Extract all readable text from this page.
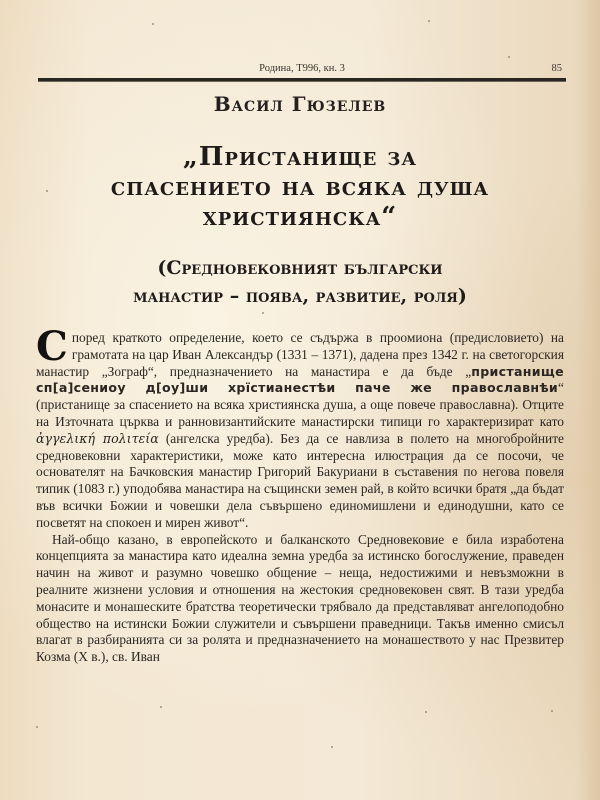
Родина, Т996, кн. 3	85
Васил Гюзелев
„Пристанище за
спасението на всяка душа
християнска“
(Средновековният български
манастир – поява, развитие, роля)

Според краткото определение, което се съдържа в проомиона (предисловието) на грамотата на цар Иван Александър (1331 – 1371), дадена през 1342 г. на светогорския манастир „Зограф“, предназначението на манастира е да бъде „пристанище сп[а]сениоу д[оу]ши хрїстианестѣи паче же православнѣи“ (пристанище за спасението на всяка християнска душа, а още повече православна). Отците на Източната църква и ранновизантийските манастирски типици го характеризират като ἀγγελική πολιτεία (ангелска уредба). Без да се навлиза в полето на многобройните средновековни характеристики, може като интересна илюстрация да се посочи, че основателят на Бачковския манастир Григорий Бакуриани в съставения по негова повеля типик (1083 г.) уподобява манастира на същински земен рай, в който всички братя „да бъдат във всички Божии и човешки дела съвършено единомишлени и единодушни, като се посветят на спокоен и мирен живот“.

Най-общо казано, в европейското и балканското Средновековие е била изработена концепцията за манастира като идеална земна уредба за истинско богослужение, праведен начин на живот и разумно човешко общение – неща, недостижими и невъзможни в реалните жизнени условия и отношения на жестокия средновековен свят. В тази уредба монасите и монашеските братства теоретически трябвало да представляват ангелоподобно общество на истински Божии служители и съвършени праведници. Такъв именно смисъл влагат в разбиранията си за ролята и предназначението на монашеството у нас Презвитер Козма (X в.), св. Иван
